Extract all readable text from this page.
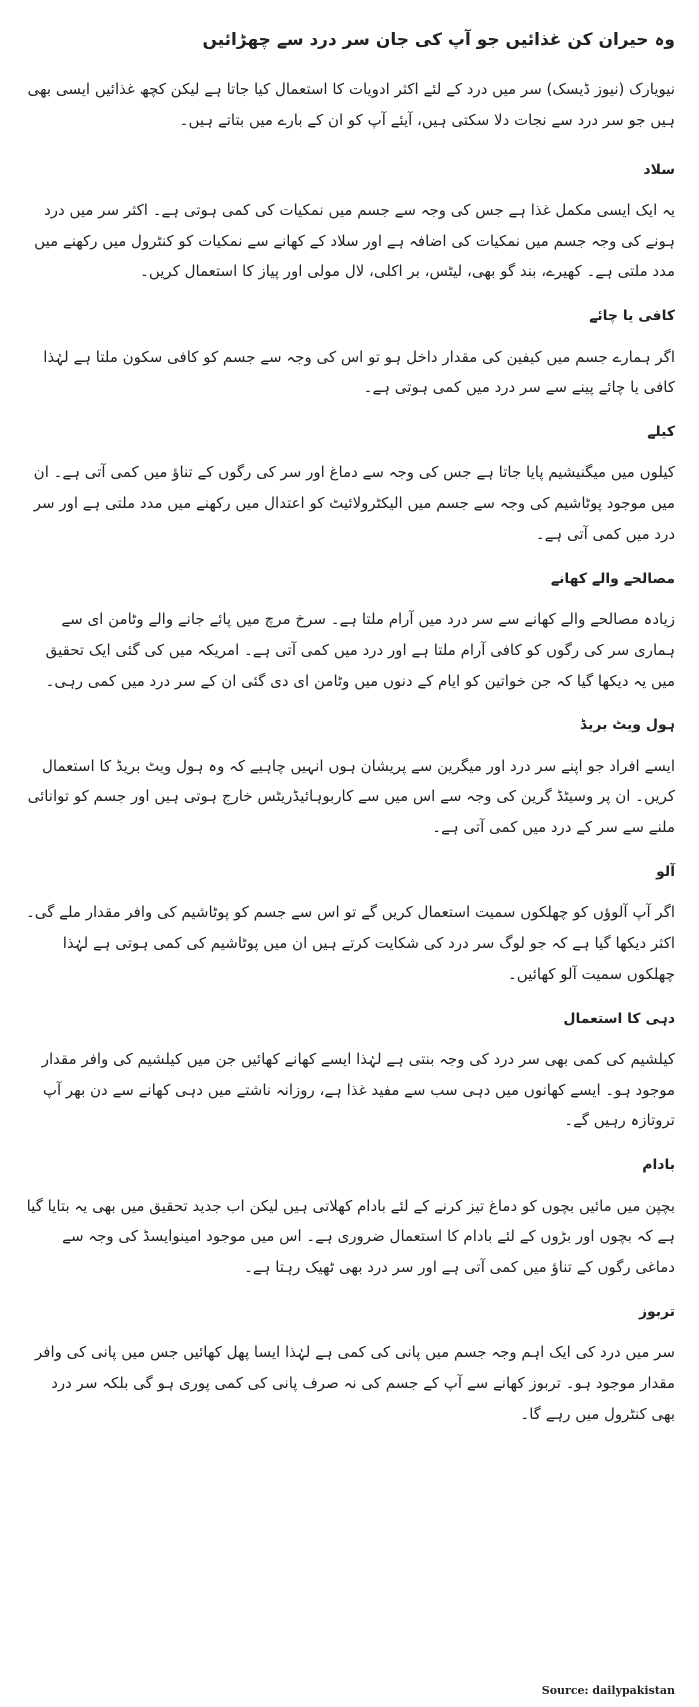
وہ حیران کن غذائیں جو آپ کی جان سر درد سے چھڑائیں

نیویارک (نیوز ڈیسک) سر میں درد کے لئے اکثر ادویات کا استعمال کیا جاتا ہے لیکن کچھ غذائیں ایسی بھی ہیں جو سر درد سے نجات دلا سکتی ہیں، آیئے آپ کو ان کے بارے میں بتاتے ہیں۔

سلاد

یہ ایک ایسی مکمل غذا ہے جس کی وجہ سے جسم میں نمکیات کی کمی ہوتی ہے۔ اکثر سر میں درد ہونے کی وجہ جسم میں نمکیات کی اضافہ ہے اور سلاد کے کھانے سے نمکیات کو کنٹرول میں رکھنے میں مدد ملتی ہے۔ کھیرے، بند گو بھی، لیٹس، بر اکلی، لال مولی اور پیاز کا استعمال کریں۔

کافی یا چائے

اگر ہمارے جسم میں کیفین کی مقدار داخل ہو تو اس کی وجہ سے جسم کو کافی سکون ملتا ہے لہٰذا کافی یا چائے پینے سے سر درد میں کمی ہوتی ہے۔

کیلے

کیلوں میں میگنیشیم پایا جاتا ہے جس کی وجہ سے دماغ اور سر کی رگوں کے تناؤ میں کمی آتی ہے۔ ان میں موجود پوٹاشیم کی وجہ سے جسم میں الیکٹرولائیٹ کو اعتدال میں رکھنے میں مدد ملتی ہے اور سر درد میں کمی آتی ہے۔

مصالحے والے کھانے

زیادہ مصالحے والے کھانے سے سر درد میں آرام ملتا ہے۔ سرخ مرچ میں پائے جانے والے وٹامن ای سے ہماری سر کی رگوں کو کافی آرام ملتا ہے اور درد میں کمی آتی ہے۔ امریکہ میں کی گئی ایک تحقیق میں یہ دیکھا گیا کہ جن خواتین کو ایام کے دنوں میں وٹامن ای دی گئی ان کے سر درد میں کمی رہی۔

ہول ویٹ بریڈ

ایسے افراد جو اپنے سر درد اور میگرین سے پریشان ہوں انہیں چاہیے کہ وہ ہول ویٹ بریڈ کا استعمال کریں۔ ان پر وسیٹڈ گرین کی وجہ سے اس میں سے کاربوہائیڈریٹس خارج ہوتی ہیں اور جسم کو توانائی ملنے سے سر کے درد میں کمی آتی ہے۔

آلو

اگر آپ آلوؤں کو چھلکوں سمیت استعمال کریں گے تو اس سے جسم کو پوٹاشیم کی وافر مقدار ملے گی۔ اکثر دیکھا گیا ہے کہ جو لوگ سر درد کی شکایت کرتے ہیں ان میں پوٹاشیم کی کمی ہوتی ہے لہٰذا چھلکوں سمیت آلو کھائیں۔

دہی کا استعمال

کیلشیم کی کمی بھی سر درد کی وجہ بنتی ہے لہٰذا ایسے کھانے کھائیں جن میں کیلشیم کی وافر مقدار موجود ہو۔ ایسے کھانوں میں دہی سب سے مفید غذا ہے، روزانہ ناشتے میں دہی کھانے سے دن بھر آپ تروتازہ رہیں گے۔

بادام

بچپن میں مائیں بچوں کو دماغ تیز کرنے کے لئے بادام کھلاتی ہیں لیکن اب جدید تحقیق میں بھی یہ بتایا گیا ہے کہ بچوں اور بڑوں کے لئے بادام کا استعمال ضروری ہے۔ اس میں موجود امینوایسڈ کی وجہ سے دماغی رگوں کے تناؤ میں کمی آتی ہے اور سر درد بھی ٹھیک رہتا ہے۔

تربوز

سر میں درد کی ایک اہم وجہ جسم میں پانی کی کمی ہے لہٰذا ایسا پھل کھائیں جس میں پانی کی وافر مقدار موجود ہو۔ تربوز کھانے سے آپ کے جسم کی نہ صرف پانی کی کمی پوری ہو گی بلکہ سر درد بھی کنٹرول میں رہے گا۔

Source: dailypakistan
